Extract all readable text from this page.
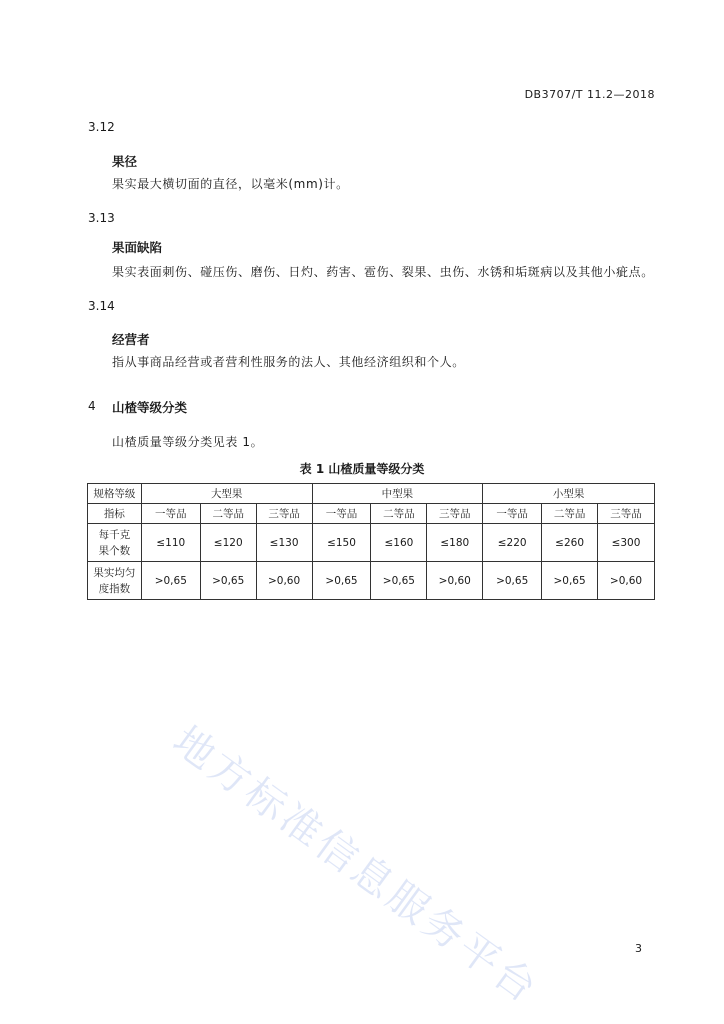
DB3707/T 11.2—2018
3.12
果径
果实最大横切面的直径，以毫米(mm)计。
3.13
果面缺陷
果实表面刺伤、碰压伤、磨伤、日灼、药害、雹伤、裂果、虫伤、水锈和垢斑病以及其他小疵点。
3.14
经营者
指从事商品经营或者营利性服务的法人、其他经济组织和个人。
4 山楂等级分类
山楂质量等级分类见表 1。
表 1 山楂质量等级分类
规格等级	大型果			中型果			小型果		
指标	一等品	二等品	三等品	一等品	二等品	三等品	一等品	二等品	三等品
每千克
果个数	≤110	≤120	≤130	≤150	≤160	≤180	≤220	≤260	≤300
果实均匀
度指数	>0,65	>0,65	>0,60	>0,65	>0,65	>0,60	>0,65	>0,65	>0,60
地方标准信息服务平台	3
